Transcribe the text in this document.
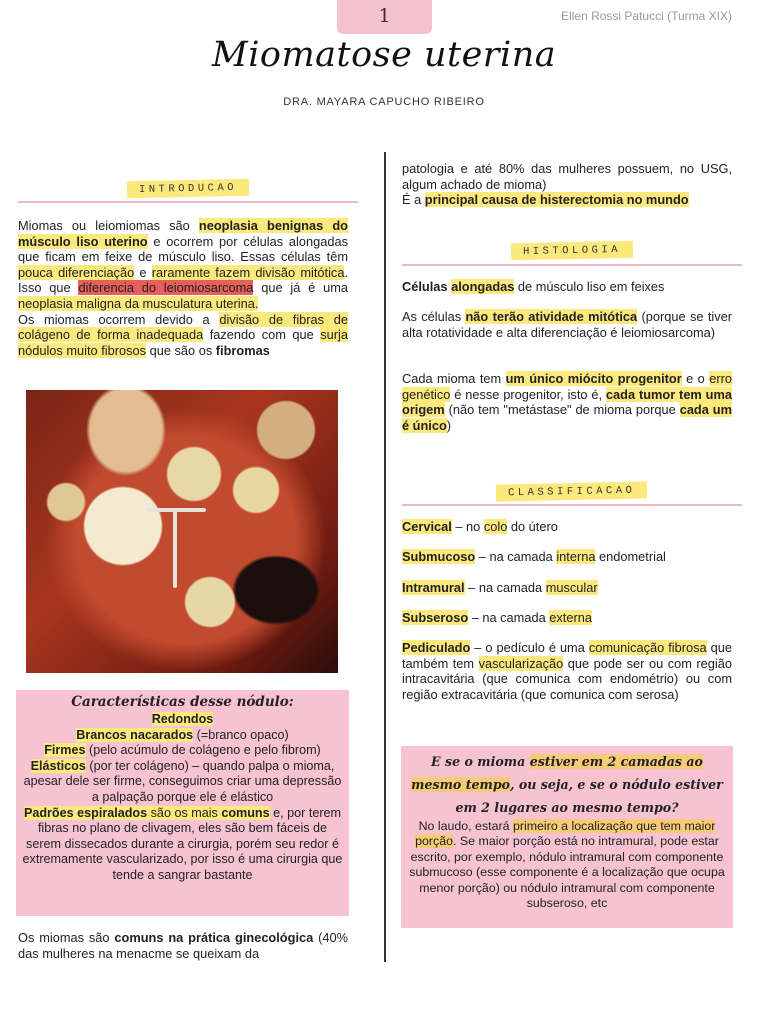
1	Ellen Rossi Patucci (Turma XIX)
Miomatose uterina
DRA. MAYARA CAPUCHO RIBEIRO
INTRODUCAO
Miomas ou leiomiomas são neoplasia benignas do músculo liso uterino e ocorrem por células alongadas que ficam em feixe de músculo liso. Essas células têm pouca diferenciação e raramente fazem divisão mitótica. Isso que diferencia do leiomiosarcoma que já é uma neoplasia maligna da musculatura uterina.
Os miomas ocorrem devido a divisão de fibras de colágeno de forma inadequada fazendo com que surja nódulos muito fibrosos que são os fibromas
Características desse nódulo:
Redondos
Brancos nacarados (=branco opaco)
Firmes (pelo acúmulo de colágeno e pelo fibrom)
Elásticos (por ter colágeno) – quando palpa o mioma, apesar dele ser firme, conseguimos criar uma depressão a palpação porque ele é elástico
Padrões espiralados são os mais comuns e, por terem fibras no plano de clivagem, eles são bem fáceis de serem dissecados durante a cirurgia, porém seu redor é extremamente vascularizado, por isso é uma cirurgia que tende a sangrar bastante
Os miomas são comuns na prática ginecológica (40% das mulheres na menacme se queixam da
patologia e até 80% das mulheres possuem, no USG, algum achado de mioma)
É a principal causa de histerectomia no mundo
HISTOLOGIA
Células alongadas de músculo liso em feixes
As células não terão atividade mitótica (porque se tiver alta rotatividade e alta diferenciação é leiomiosarcoma)
Cada mioma tem um único miócito progenitor e o erro genético é nesse progenitor, isto é, cada tumor tem uma origem (não tem "metástase" de mioma porque cada um é único)
CLASSIFICACAO
Cervical – no colo do útero
Submucoso – na camada interna endometrial
Intramural – na camada muscular
Subseroso – na camada externa
Pediculado – o pedículo é uma comunicação fibrosa que também tem vascularização que pode ser ou com região intracavitária (que comunica com endométrio) ou com região extracavitária (que comunica com serosa)
E se o mioma estiver em 2 camadas ao mesmo tempo, ou seja, e se o nódulo estiver em 2 lugares ao mesmo tempo?
No laudo, estará primeiro a localização que tem maior porção. Se maior porção está no intramural, pode estar escrito, por exemplo, nódulo intramural com componente submucoso (esse componente é a localização que ocupa menor porção) ou nódulo intramural com componente subseroso, etc
